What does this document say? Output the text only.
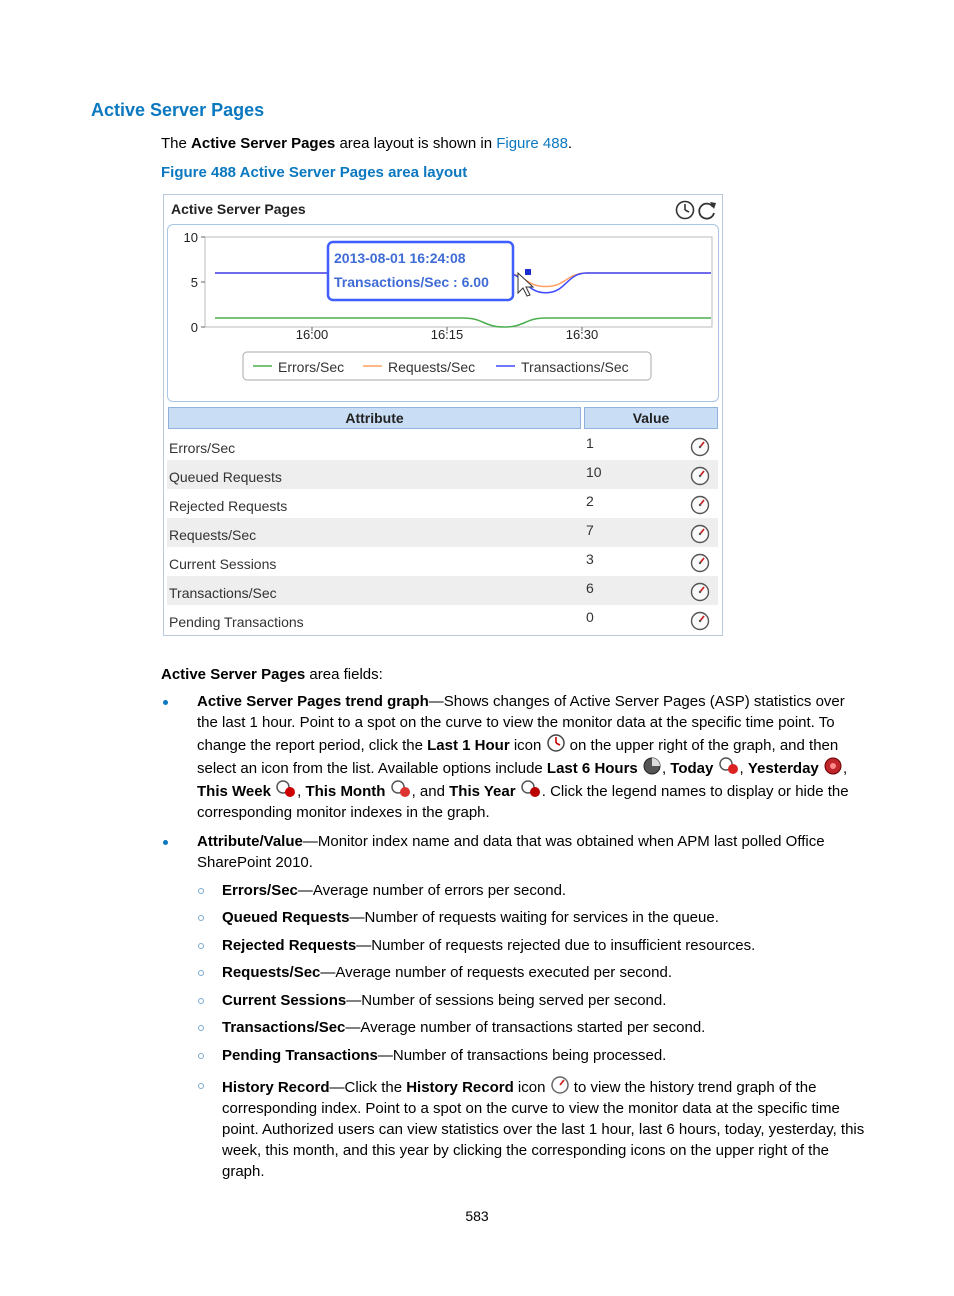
Active Server Pages
The Active Server Pages area layout is shown in Figure 488.
Figure 488 Active Server Pages area layout
Active Server Pages
0
5
10
16:00	16:15	16:30
2013-08-01 16:24:08
Transactions/Sec : 6.00
Errors/Sec	Requests/Sec	Transactions/Sec
Attribute	Value
Errors/Sec	1
Queued Requests	10
Rejected Requests	2
Requests/Sec	7
Current Sessions	3
Transactions/Sec	6
Pending Transactions	0
Active Server Pages area fields:
Active Server Pages trend graph—Shows changes of Active Server Pages (ASP) statistics over the last 1 hour. Point to a spot on the curve to view the monitor data at the specific time point. To change the report period, click the Last 1 Hour icon  on the upper right of the graph, and then select an icon from the list. Available options include Last 6 Hours , Today , Yesterday , This Week , This Month , and This Year . Click the legend names to display or hide the corresponding monitor indexes in the graph.
Attribute/Value—Monitor index name and data that was obtained when APM last polled Office SharePoint 2010.
Errors/Sec—Average number of errors per second.
Queued Requests—Number of requests waiting for services in the queue.
Rejected Requests—Number of requests rejected due to insufficient resources.
Requests/Sec—Average number of requests executed per second.
Current Sessions—Number of sessions being served per second.
Transactions/Sec—Average number of transactions started per second.
Pending Transactions—Number of transactions being processed.
History Record—Click the History Record icon  to view the history trend graph of the corresponding index. Point to a spot on the curve to view the monitor data at the specific time point. Authorized users can view statistics over the last 1 hour, last 6 hours, today, yesterday, this week, this month, and this year by clicking the corresponding icons on the upper right of the graph.
583
